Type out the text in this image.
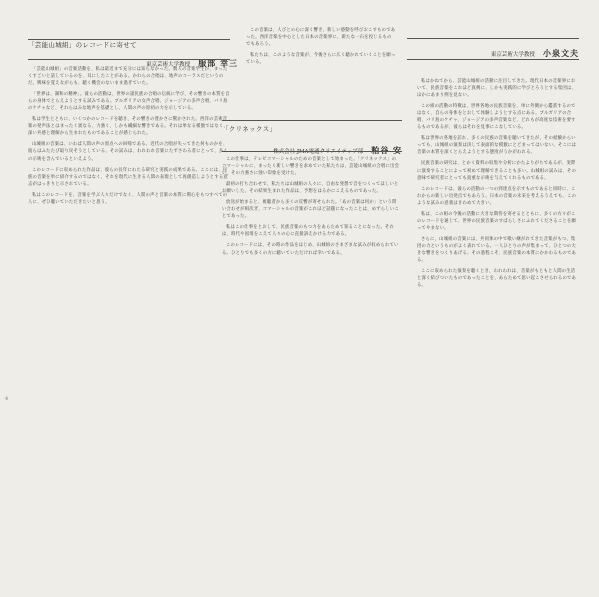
「芸能山城組」のレコードに寄せて
東京芸術大学教授 服部 幸三

「芸能山城組」の音楽活動を、私は最近まで充分には知らなかった。数人の音楽学生が、まったくすごいと話しているのを、耳にしたことがある。かれらの合唱は、地声のコーラスだというのだ。興味を覚えながらも、聴く機会のないまま過ぎていた。

「世界は、調和の精神」。彼らの活動は、世界の諸民族の合唱の伝統に学び、その響きの本質を自らの身体でとらえようとする試みである。ブルガリアの女声合唱、ジョージアの多声合唱、バリ島のケチャなど、それらはみな地声を基礎とし、人間の声の原初の力を示している。

私は学生とともに、いくつかのレコードを聴き、その響きの豊かさに驚かされた。西洋の芸術音楽の発声法とはまったく異なる、力強く、しかも繊細な響きである。それは単なる模倣ではなく、深い共感と理解から生まれたものであることが感じられた。

山城組の音楽は、いわば人間の声の原点への回帰である。近代の合唱が失ってきた何ものかを、彼らはふたたび取り戻そうとしている。その試みは、われわれ音楽にたずさわる者にとって、多くの示唆を含んでいるといえよう。

このレコードに収められた作品は、彼らの長年にわたる研究と実践の成果である。ここには、民族の音楽を単に紹介するのではなく、それを現代に生きる人間の表現として再創造しようとする意志がはっきりと示されている。

私はこのレコードを、音楽を学ぶ人々だけでなく、人間の声と音楽の本質に関心をもつすべての人に、ぜひ聴いていただきたいと思う。

4

この音楽は、人びとの心に深く響き、新しい感動を呼びおこすものであった。西洋音楽を中心とした日本の音楽界に、新たな一石を投じるものでもあろう。

私たちは、このような音楽が、今後さらに広く聴かれていくことを願っている。

「クリネックス」
株式会社 JMA電通クリエイティブ部 粕谷 安

この仕事は、テレビコマーシャルのための音楽として始まった。「クリネックス」のコマーシャルに、まったく新しい響きを求めていた私たちは、芸能山城組の合唱に出会い、その力強さに強い印象を受けた。

最初の打ち合わせで、私たちは山城組の人々に、自由な発想で音をつくってほしいとお願いした。その結果生まれた作品は、予想をはるかにこえるものであった。

放送が始まると、視聴者から多くの反響が寄せられた。「あの音楽は何か」という問い合わせが相次ぎ、コマーシャルの音楽がこれほど話題になったことは、めずらしいことであった。

私はこの仕事をとおして、民族音楽のもつ力をあらためて知ることになった。それは、時代や国境をこえて人々の心に直接訴えかける力である。

このレコードには、その時の作品をはじめ、山城組のさまざまな試みが収められている。ひとりでも多くの方に聴いていただければ幸いである。

東京芸術大学教授 小泉文夫

私はかねてから、芸能山城組の活動に注目してきた。現代日本の音楽界において、民族音楽をこれほど真剣に、しかも実践的に学びとろうとする集団は、ほかにあまり例を見ない。

この組の活動の特徴は、世界各地の民族音楽を、単に外側から鑑賞するのではなく、自らの身体をとおして体験しようとする点にある。ブルガリアの合唱、バリ島のケチャ、ジョージアの多声音楽など、どれもが高度な技術を要するものであるが、彼らはそれを見事にこなしている。

私は世界の各地を訪れ、多くの民族の音楽を聴いてきたが、その経験からいっても、山城組の演奏は決して表面的な模倣にとどまってはいない。そこには音楽の本質を深くとらえようとする態度がうかがわれる。

民族音楽の研究は、とかく資料の収集や分析にかたよりがちであるが、実際に演奏することによって初めて理解できることも多い。山城組の試みは、その意味で研究者にとっても貴重な示唆を与えてくれるものである。

このレコードは、彼らの活動の一つの到達点を示すものであると同時に、これからの新しい出発点でもあろう。日本の音楽の未来を考えるうえでも、このような試みの意義はきわめて大きい。

私は、この組の今後の活動に大きな期待を寄せるとともに、多くの方々がこのレコードを通じて、世界の民族音楽のすばらしさにふれてくださることを願ってやまない。

さらに、山城組の音楽には、共同体の中で歌い継がれてきた音楽がもつ、集団の力というものがよく表れている。一人ひとりの声が集まって、ひとつの大きな響きをつくりあげる。その過程こそ、民族音楽の本質にかかわるものである。

ここに収められた演奏を聴くとき、われわれは、音楽がもともと人間の生活と深く結びついたものであったことを、あらためて思い起こさせられるのである。
